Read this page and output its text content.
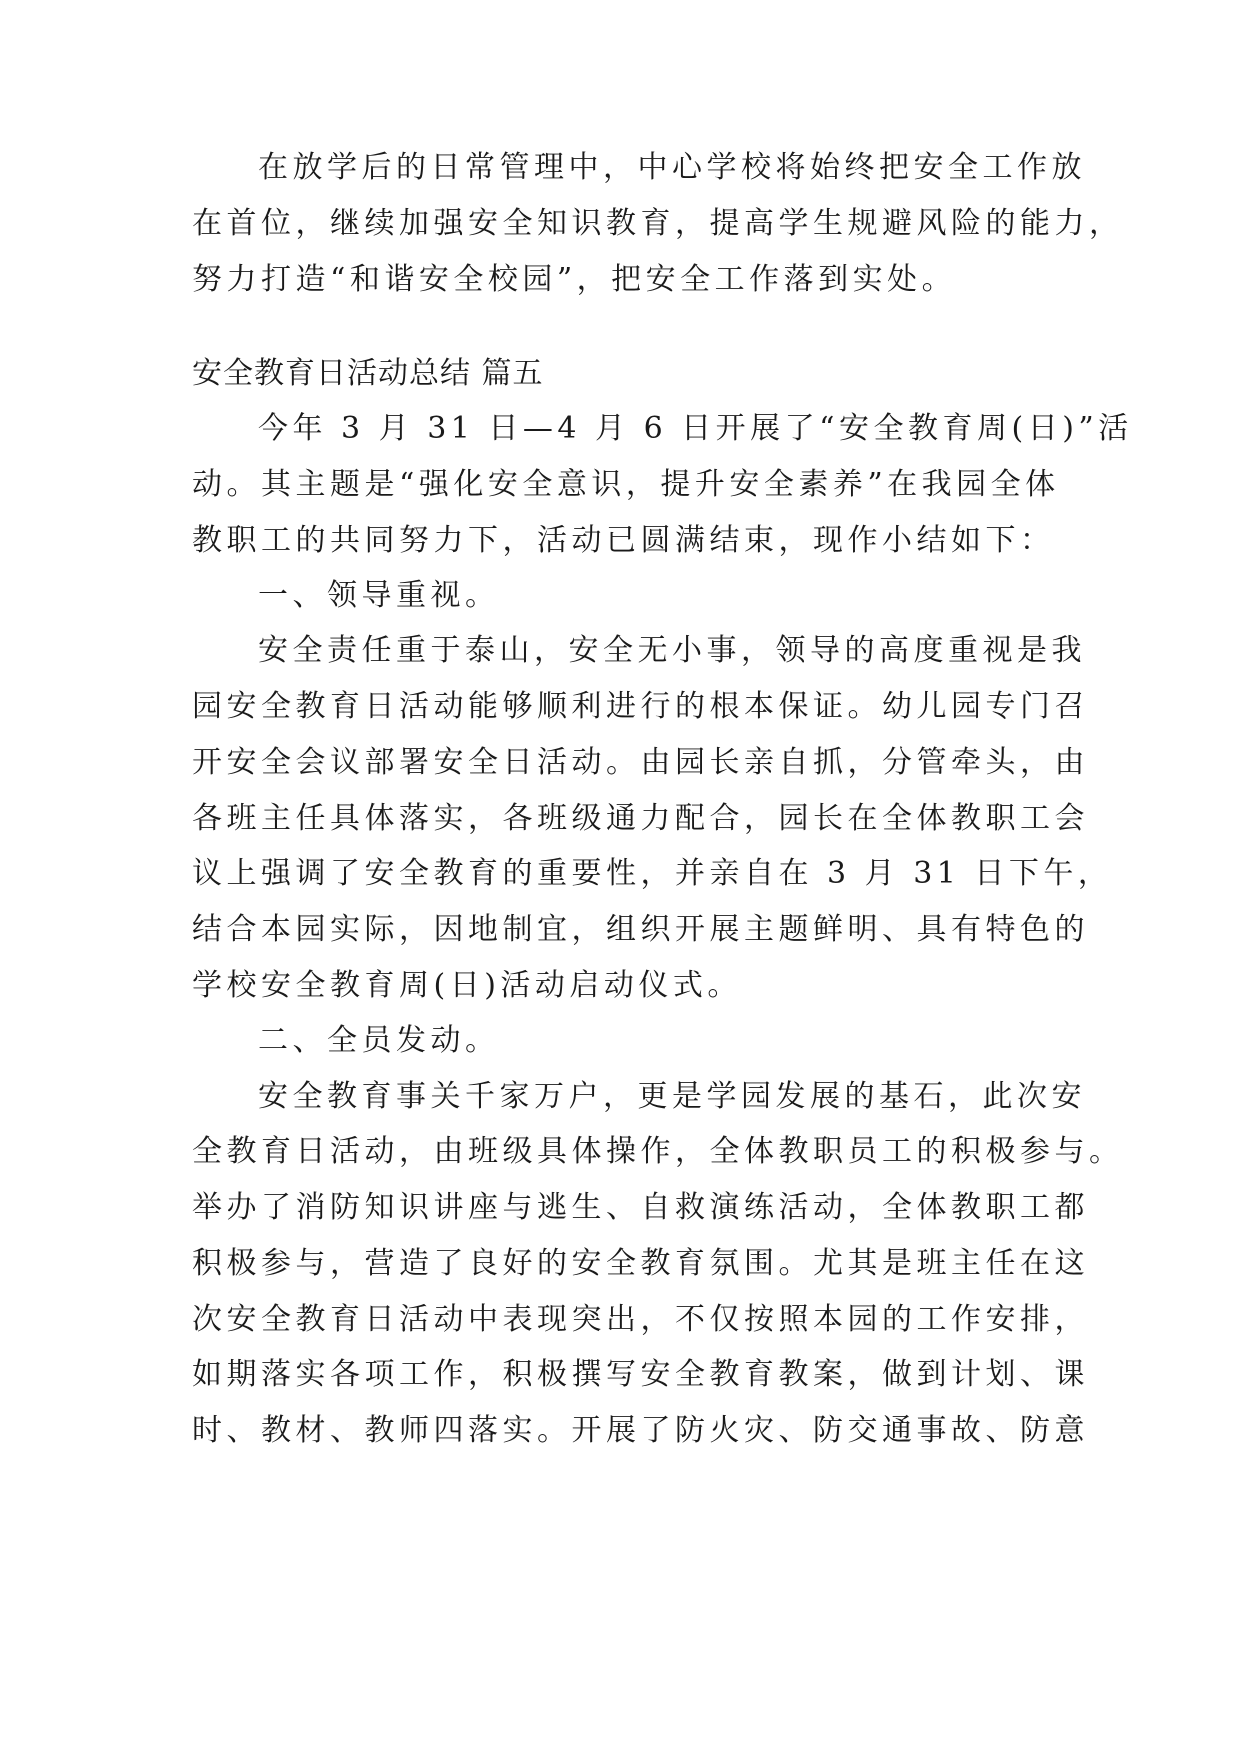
在放学后的日常管理中，中心学校将始终把安全工作放
在首位，继续加强安全知识教育，提高学生规避风险的能力，
努力打造“和谐安全校园”，把安全工作落到实处。
安全教育日活动总结 篇五
今年 3 月 31 日—4 月 6 日开展了“安全教育周(日)”活
动。其主题是“强化安全意识，提升安全素养”在我园全体
教职工的共同努力下，活动已圆满结束，现作小结如下：
一、领导重视。
安全责任重于泰山，安全无小事，领导的高度重视是我
园安全教育日活动能够顺利进行的根本保证。幼儿园专门召
开安全会议部署安全日活动。由园长亲自抓，分管牵头，由
各班主任具体落实，各班级通力配合，园长在全体教职工会
议上强调了安全教育的重要性，并亲自在 3 月 31 日下午，
结合本园实际，因地制宜，组织开展主题鲜明、具有特色的
学校安全教育周(日)活动启动仪式。
二、全员发动。
安全教育事关千家万户，更是学园发展的基石，此次安
全教育日活动，由班级具体操作，全体教职员工的积极参与。
举办了消防知识讲座与逃生、自救演练活动，全体教职工都
积极参与，营造了良好的安全教育氛围。尤其是班主任在这
次安全教育日活动中表现突出，不仅按照本园的工作安排，
如期落实各项工作，积极撰写安全教育教案，做到计划、课
时、教材、教师四落实。开展了防火灾、防交通事故、防意
